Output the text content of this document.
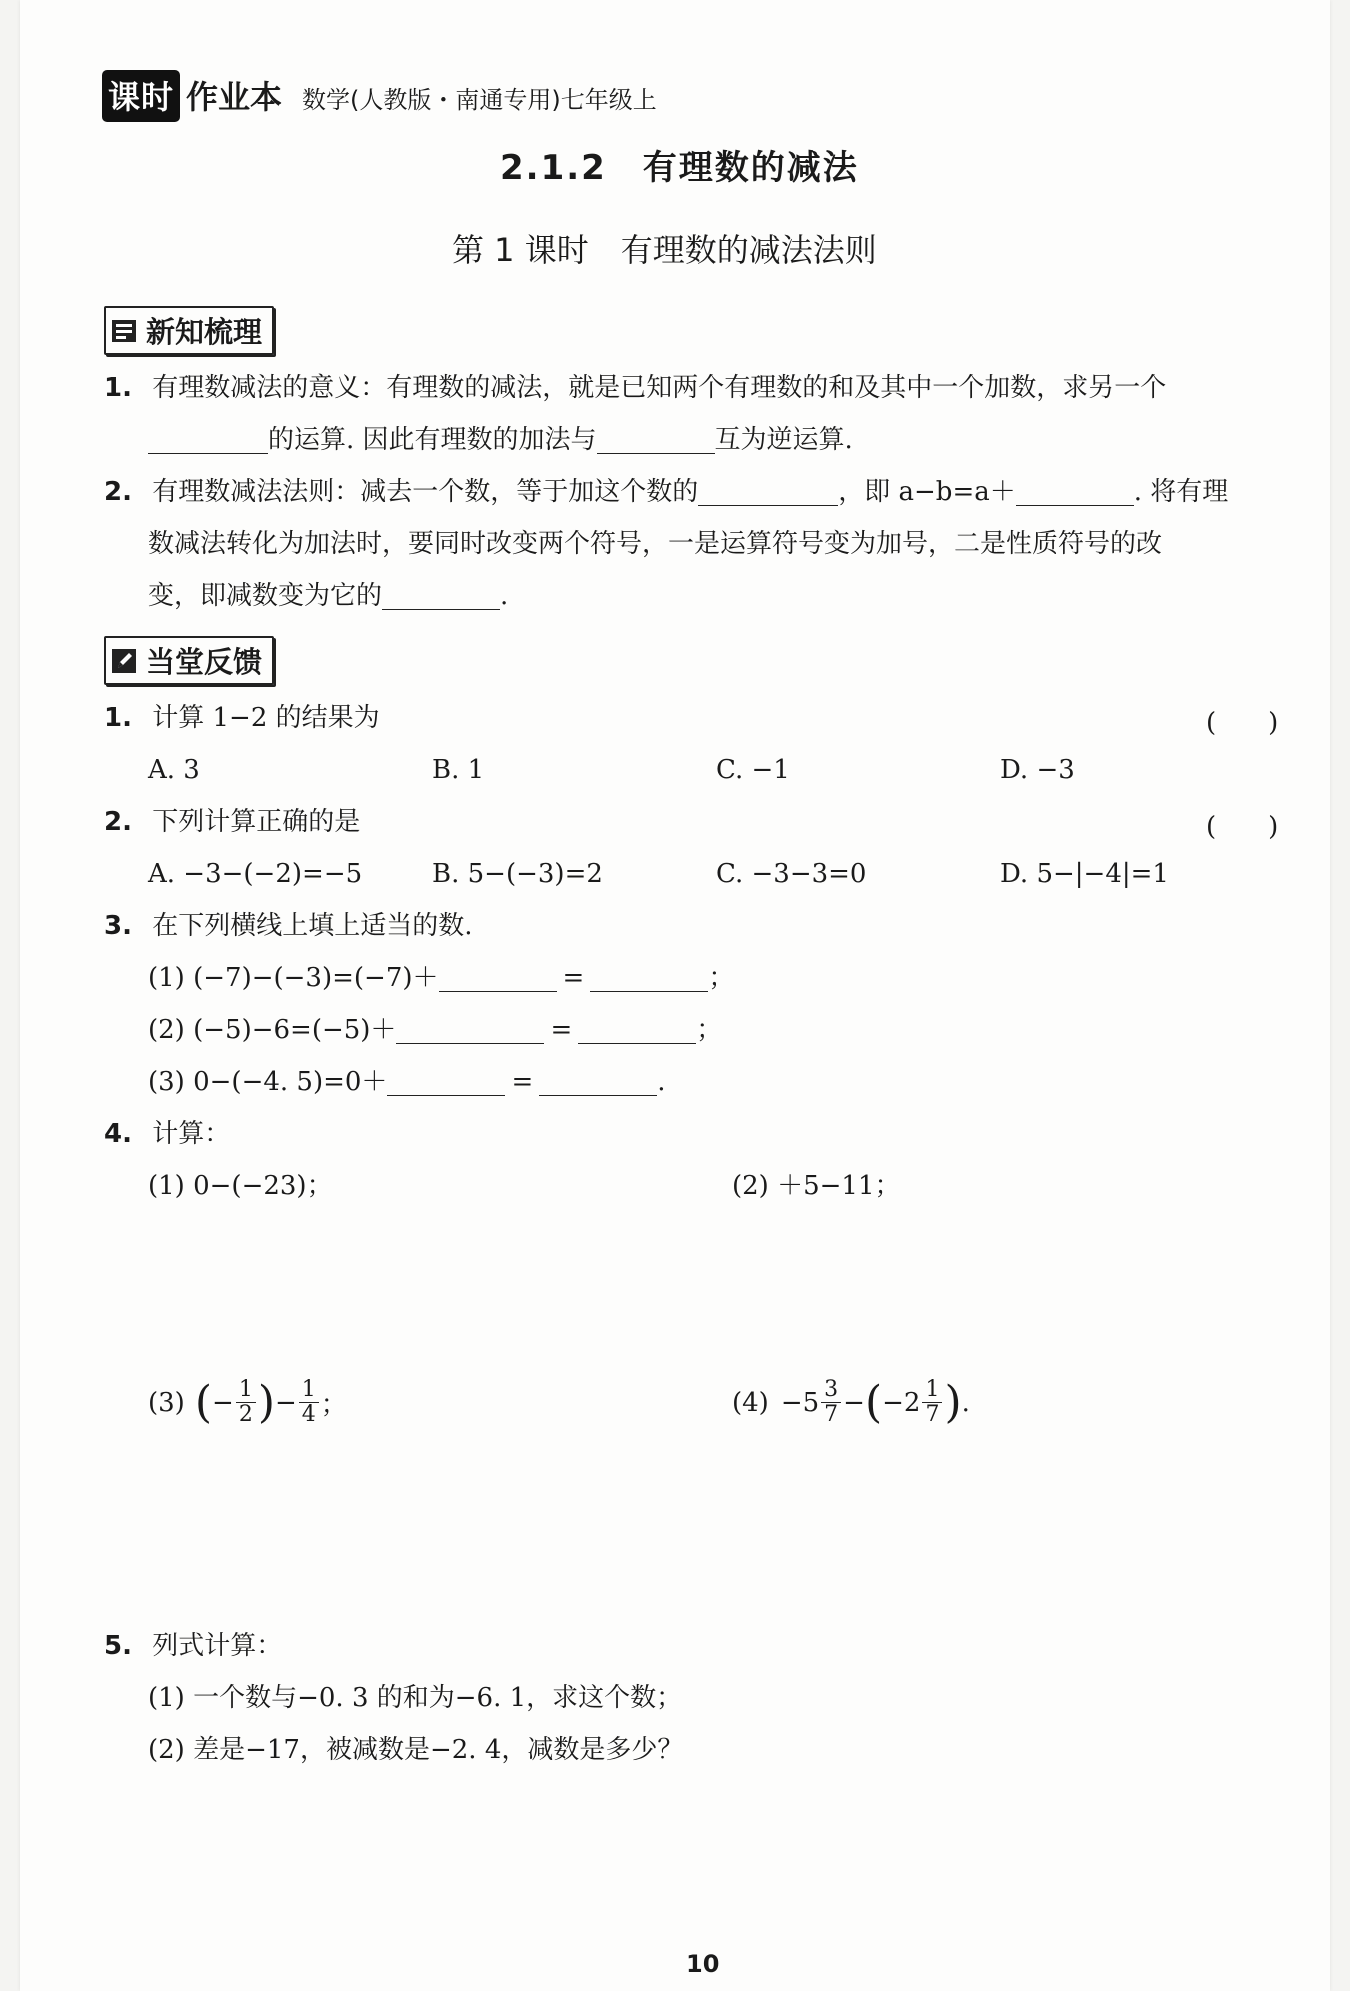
课时 作业本 数学(人教版・南通专用)七年级上
2.1.2　有理数的减法
第 1 课时　有理数的减法法则
新知梳理
1. 有理数减法的意义：有理数的减法，就是已知两个有理数的和及其中一个加数，求另一个
的运算. 因此有理数的加法与	互为逆运算.
2. 有理数减法法则：减去一个数，等于加这个数的	，即 a−b=a＋	. 将有理
数减法转化为加法时，要同时改变两个符号，一是运算符号变为加号，二是性质符号的改
变，即减数变为它的	.
当堂反馈
1. 计算 1−2 的结果为	(　　)
A. 3	B. 1	C. −1	D. −3
2. 下列计算正确的是	(　　)
A. −3−(−2)=−5	B. 5−(−3)=2	C. −3−3=0	D. 5−|−4|=1
3. 在下列横线上填上适当的数.
(1) (−7)−(−3)=(−7)＋	=	；
(2) (−5)−6=(−5)＋	=	；
(3) 0−(−4. 5)=0＋	=	.
4. 计算：
(1) 0−(−23)；	(2) ＋5−11；
(3) ( − $\frac{1}{2}$ ) − $\frac{1}{4}$ ；	$(4) -5 \frac{3}{7}$ − ( $-2 \frac{1}{7}$ ) .
5. 列式计算：
(1) 一个数与−0. 3 的和为−6. 1，求这个数；
(2) 差是−17，被减数是−2. 4，减数是多少？
10
